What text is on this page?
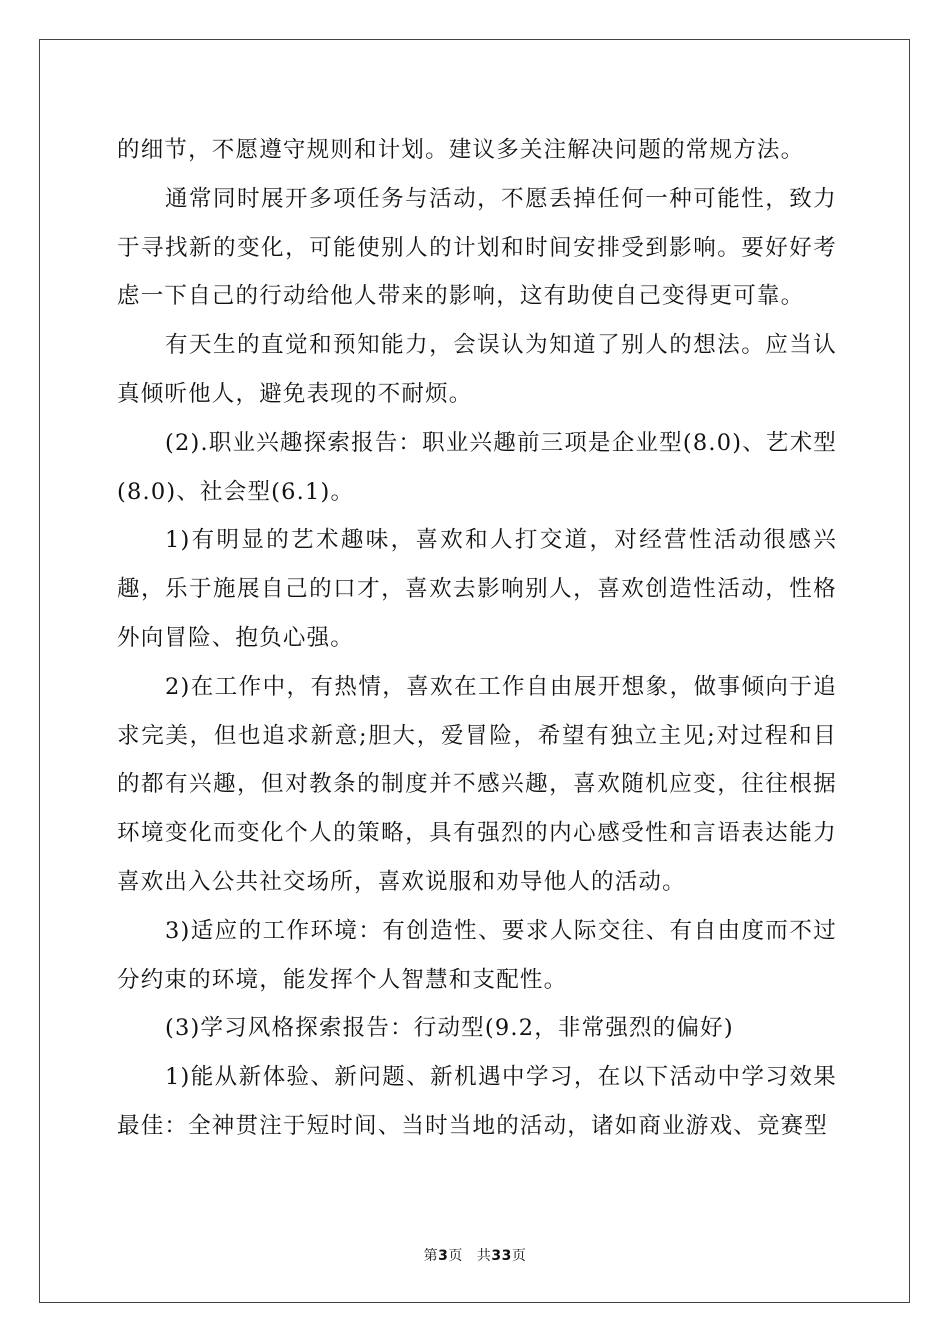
的细节，不愿遵守规则和计划。建议多关注解决问题的常规方法。

通常同时展开多项任务与活动，不愿丢掉任何一种可能性，致力于寻找新的变化，可能使别人的计划和时间安排受到影响。要好好考虑一下自己的行动给他人带来的影响，这有助使自己变得更可靠。

有天生的直觉和预知能力，会误认为知道了别人的想法。应当认真倾听他人，避免表现的不耐烦。

(2).职业兴趣探索报告：职业兴趣前三项是企业型(8.0)、艺术型(8.0)、社会型(6.1)。

1)有明显的艺术趣味，喜欢和人打交道，对经营性活动很感兴趣，乐于施展自己的口才，喜欢去影响别人，喜欢创造性活动，性格外向冒险、抱负心强。

2)在工作中，有热情，喜欢在工作自由展开想象，做事倾向于追求完美，但也追求新意;胆大，爱冒险，希望有独立主见;对过程和目的都有兴趣，但对教条的制度并不感兴趣，喜欢随机应变，往往根据环境变化而变化个人的策略，具有强烈的内心感受性和言语表达能力喜欢出入公共社交场所，喜欢说服和劝导他人的活动。

3)适应的工作环境：有创造性、要求人际交往、有自由度而不过分约束的环境，能发挥个人智慧和支配性。

(3)学习风格探索报告：行动型(9.2，非常强烈的偏好)

1)能从新体验、新问题、新机遇中学习，在以下活动中学习效果最佳：全神贯注于短时间、当时当地的活动，诸如商业游戏、竞赛型

第3页 共33页
